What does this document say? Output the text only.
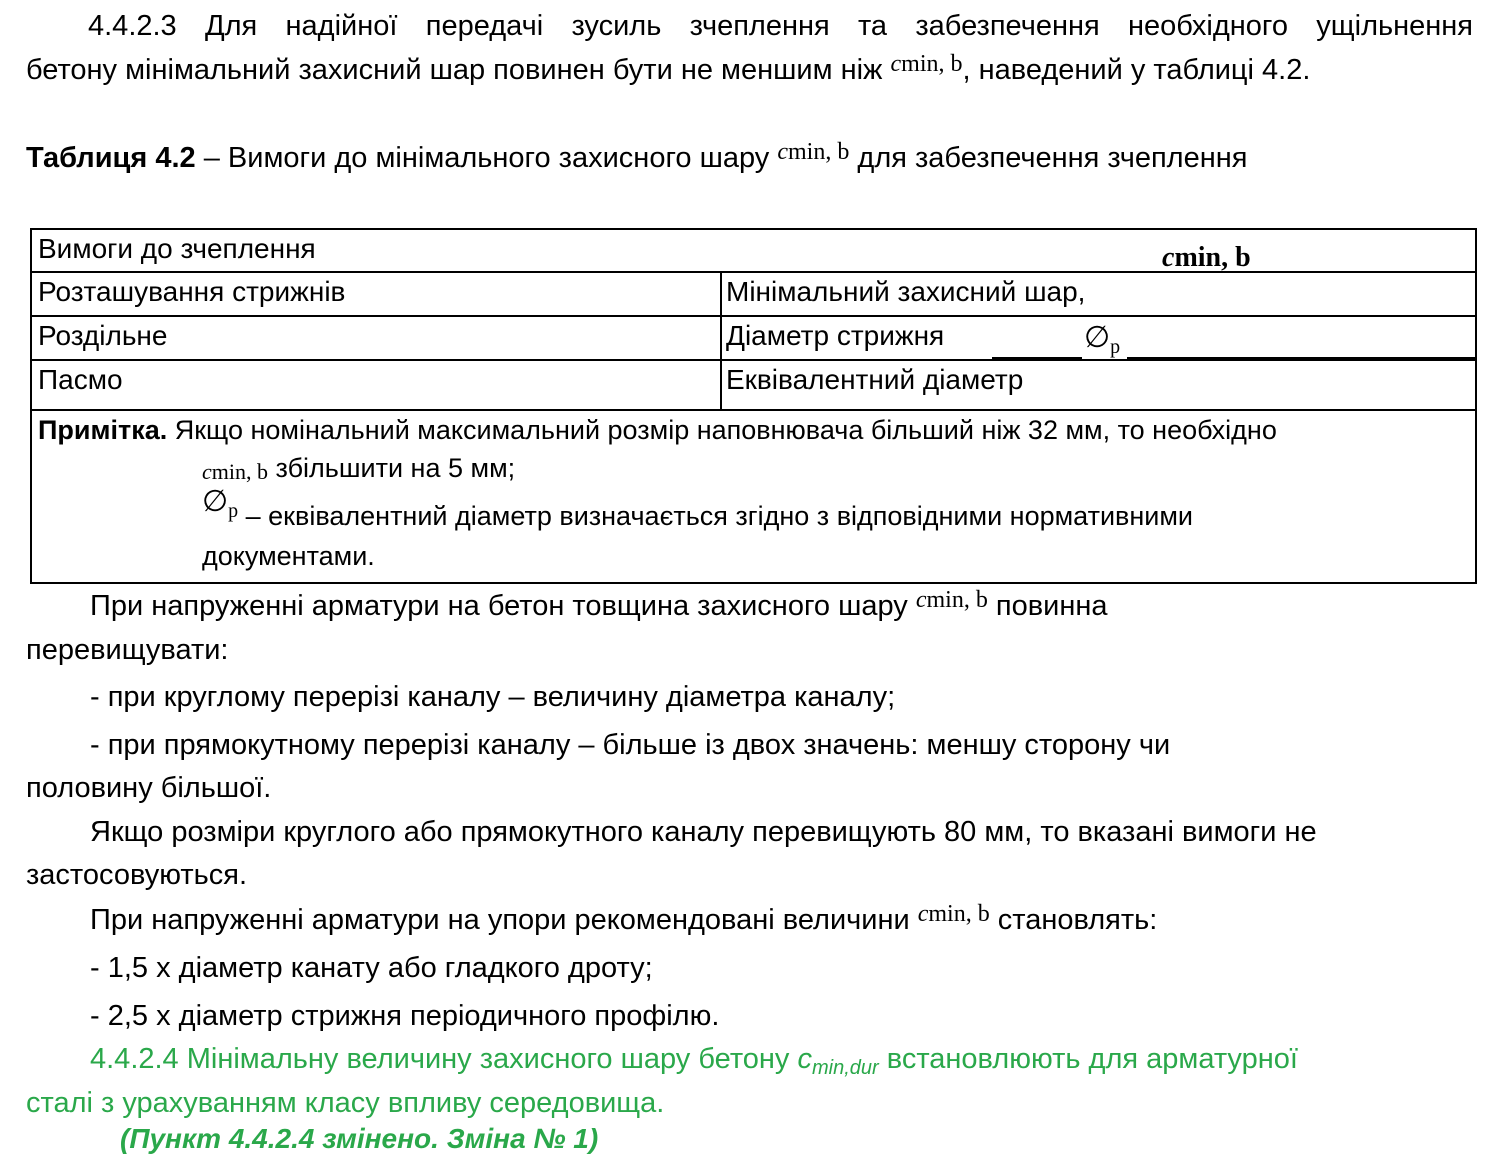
4.4.2.3 Для надійної передачі зусиль зчеплення та забезпечення необхідного ущільнення
бетону мінімальний захисний шар повинен бути не меншим ніж $^{cmin, b}$, наведений у таблиці 4.2.
Таблиця 4.2 – Вимоги до мінімального захисного шару $^{cmin, b}$ для забезпечення зчеплення
Вимоги до зчеплення	cmin, b
Розташування стрижнів	Мінімальний захисний шар,
Роздільне	Діаметр стрижня	$\emptyset_p$
Пасмо	Еквівалентний діаметр
Примітка. Якщо номінальний максимальний розмір наповнювача більший ніж 32 мм, то необхідно
cmin, b збільшити на 5 мм;
$\emptyset_p$ – еквівалентний діаметр визначається згідно з відповідними нормативними
документами.
При напруженні арматури на бетон товщина захисного шару $^{cmin, b}$ повинна
перевищувати:
- при круглому перерізі каналу – величину діаметра каналу;
- при прямокутному перерізі каналу – більше із двох значень: меншу сторону чи
половину більшої.
Якщо розміри круглого або прямокутного каналу перевищують 80 мм, то вказані вимоги не
застосовуються.
При напруженні арматури на упори рекомендовані величини $^{cmin, b}$ становлять:
- 1,5 х діаметр канату або гладкого дроту;
- 2,5 х діаметр стрижня періодичного профілю.
4.4.2.4 Мінімальну величину захисного шару бетону $c_{min,dur}$ встановлюють для арматурної
сталі з урахуванням класу впливу середовища.
(Пункт 4.4.2.4 змінено. Зміна № 1)
